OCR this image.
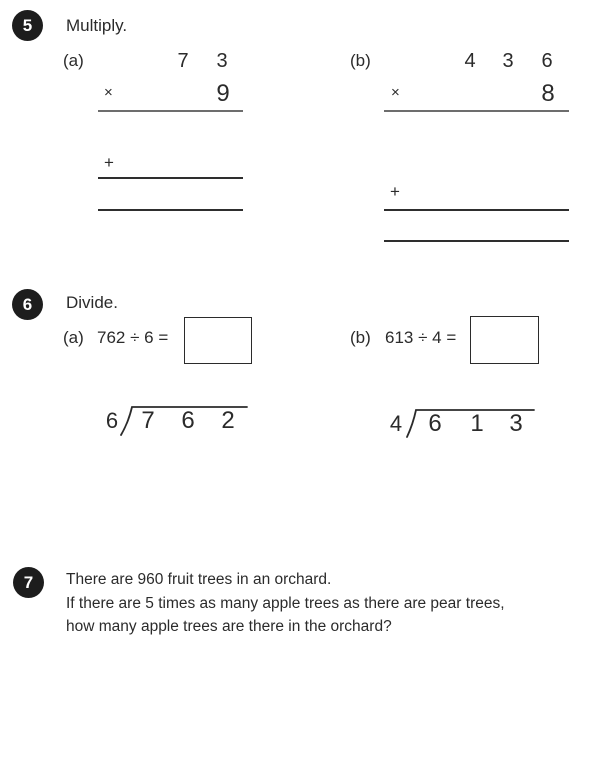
5 Multiply.
(a)	7 3
×	9
+
(b)	4 3 6
×	8
+
6 Divide.
(a) 762 ÷ 6 =
6 7 6 2
(b) 613 ÷ 4 =
4 6 1 3
7 There are 960 fruit trees in an orchard.
If there are 5 times as many apple trees as there are pear trees,
how many apple trees are there in the orchard?
